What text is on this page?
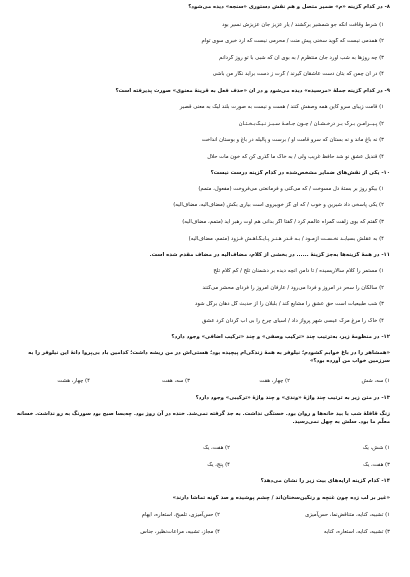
۸- در کدام گزینه «م» ضمیر متصل و هم نقش دستوری «سنجه» دیده می‌شود؟
۱) شرط وقافت آنکه جو شمشیر برکشند / یار عزیز جان عزیزش نسیر بود
۲) همدمی نیست که گوید سخنی پیش منت / محرمی نیست که آرد خبری سوی توام
۳) چه روزها به شب آورد جان منتظرم / به بوی آن که شبی با تو روز گردانم
۴) در آن چمن که بتان دست عاشقان گیرند / گرت ز دست برآید نگار من باشی
۹- در کدام گزینه جملهٔ «مرسیده» دیده می‌شود و در آن «حذف فعل به قرینهٔ معنوی» صورت پذیرفته است؟
۱) قامت زیبای سرو کاین همه وصفش کنند / هست و نیست به صورت بلند لیک به معنی قصیر
۲) پـیــرامـن بـرگ بـر درخـشـان / چـون جـامـهٔ سـبـز نـیـک‌بـخـتـان
۳) نه باغ ماند و نه بستان که سرو قامت او / برست و پالیله در باغ و بوستان انداخت
۴) قندیل عشق نو شد حافظ غریب ولی / به خاک ما گذری کن که خون مات حلال
۱۰- یکی از نقش‌های ضمایر مشخص‌شده در کدام گزینه درست نیست؟
۱) بیکو روز بر بستهٔ دل مسوخت / که می‌کنی و فرمانعتی می‌فروخت (مفعول، متمم)
۲) یکی پاسخی داد شیرین و خوب / که ای گز خوبیروی است بیاری بکش (مضاف‌الیه، مضاف‌الیه)
۳) گفتم که بوی زلفت گمراه عالمم کرد / گفتا اگر بدانی هم اوت رهبر آید (متمم، مضاف‌الیه)
۴) به عقلش بسیابـد نخـسـت آزمـود / بـه قـدر هـنـر پـایـگـاهـش فـزود (متمم، مضاف‌الیه)
۱۱- در همهٔ گزینه‌ها به‌جز گزینهٔ ...... در بخشی از کلام، مضاف‌الیه در مضاف مقدم شده است.
۱) مستمر را کلام سالاریسیده / تا دامن آنچه دیده بر دشمنان تلخ / کم کلام تلخ
۲) سالکان را سحر در امروز و فردا می‌رود / عارفان امروز را فردای محشر می‌کنند
۳) شب طبیعیات است حق عشق را مشایع کند / بلبلان را از حدیث گل دهان برگل شود
۴) خاک را مرغ مرگ عیسی شهر پرواز داد / آسیای چرخ را بی آب گردان کرد عشق
۱۲- در منظومهٔ زیر، به‌ترتیب چند «ترکیب وصفی» و چند «ترکیب اضافی» وجود دارد؟
«همشاهر را در باغ خوابم کشودم؛ نیلوفر به همهٔ زندگی‌ام پیچیده بود؛ هستی‌اش در من ریشه داشت؛ کدامین باد بی‌پروا دانهٔ این نیلوفر را به سرزمین خواب من آورده بود؟»
۱) سه، شش
۲) چهار، هفت
۳) سه، هفت
۴) چهار، هشت
۱۳- در متن زیر به ترتیب چند واژهٔ «وندی» و چند واژهٔ «ترکیبی» وجود دارد؟
زنگ قافلهٔ شب با بید خانه‌ها و روان بود. خستگی نداشت. به جد گرفته نمی‌شد. خنده در آن روز بود. چه‌بسا صبح بود سورنگ به رو نداشت. خسانه معلّم ما بود. سلش به چهل نمی‌رسید.
۱) شش، یک
۲) هفت، یک
۳) هفت، یک
۴) پنج، یک
۱۴- کدام گزینه آرایه‌های بیت زیر را نشان می‌دهد؟
«غیر بر لب زده چون غنچه و رنگین‌سخنان‌اند / چشم پوشیده و صد گونه تماشا دارند»
۱) تشبیه، کنایه، متناقض‌نما، حس‌آمیزی
۲) حس‌آمیزی، تلمیح، استعاره، ایهام
۳) تشبیه، کنایه، استعاره، کنایه
۴) مجاز، تشبیه، مراعات‌نظیر، جناس
